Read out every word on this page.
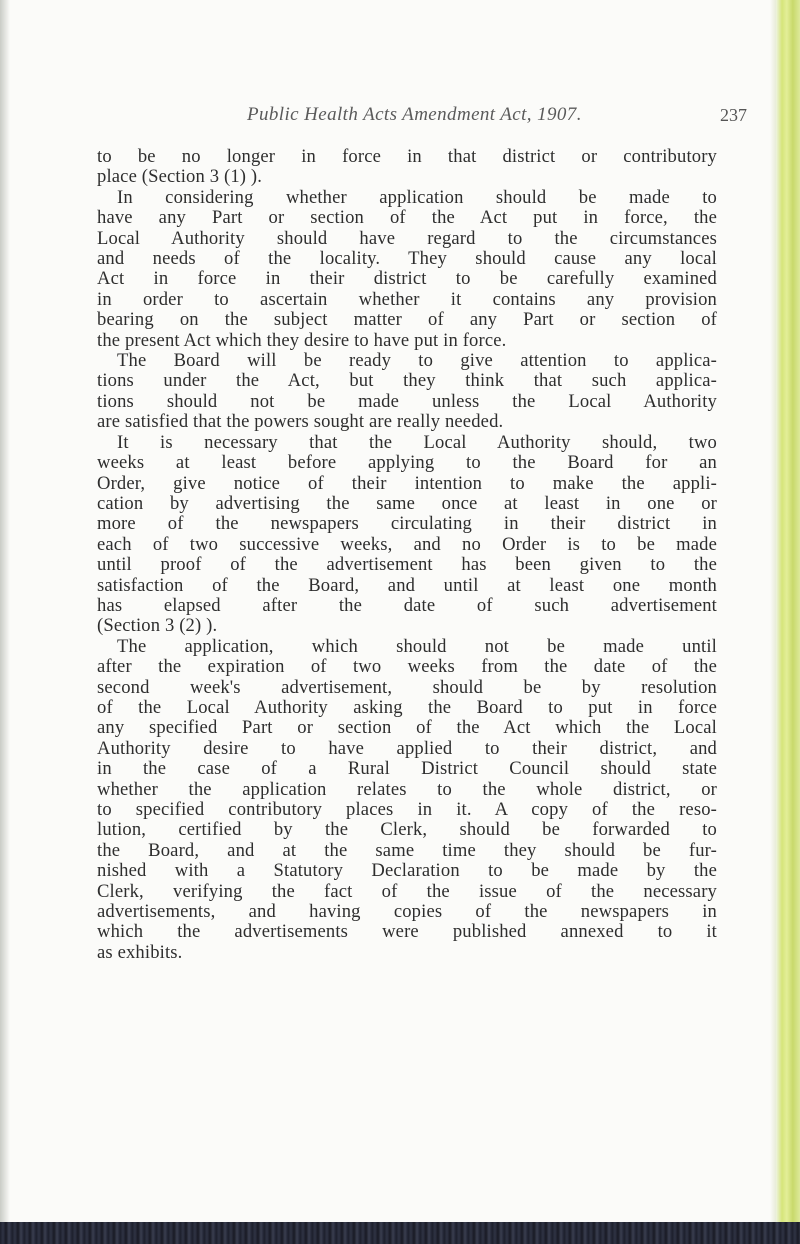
Public Health Acts Amendment Act, 1907.	237
to be no longer in force in that district or contributory
place (Section 3 (1) ).
In considering whether application should be made to
have any Part or section of the Act put in force, the
Local Authority should have regard to the circumstances
and needs of the locality. They should cause any local
Act in force in their district to be carefully examined
in order to ascertain whether it contains any provision
bearing on the subject matter of any Part or section of
the present Act which they desire to have put in force.
The Board will be ready to give attention to applica-
tions under the Act, but they think that such applica-
tions should not be made unless the Local Authority
are satisfied that the powers sought are really needed.
It is necessary that the Local Authority should, two
weeks at least before applying to the Board for an
Order, give notice of their intention to make the appli-
cation by advertising the same once at least in one or
more of the newspapers circulating in their district in
each of two successive weeks, and no Order is to be made
until proof of the advertisement has been given to the
satisfaction of the Board, and until at least one month
has elapsed after the date of such advertisement
(Section 3 (2) ).
The application, which should not be made until
after the expiration of two weeks from the date of the
second week's advertisement, should be by resolution
of the Local Authority asking the Board to put in force
any specified Part or section of the Act which the Local
Authority desire to have applied to their district, and
in the case of a Rural District Council should state
whether the application relates to the whole district, or
to specified contributory places in it. A copy of the reso-
lution, certified by the Clerk, should be forwarded to
the Board, and at the same time they should be fur-
nished with a Statutory Declaration to be made by the
Clerk, verifying the fact of the issue of the necessary
advertisements, and having copies of the newspapers in
which the advertisements were published annexed to it
as exhibits.
